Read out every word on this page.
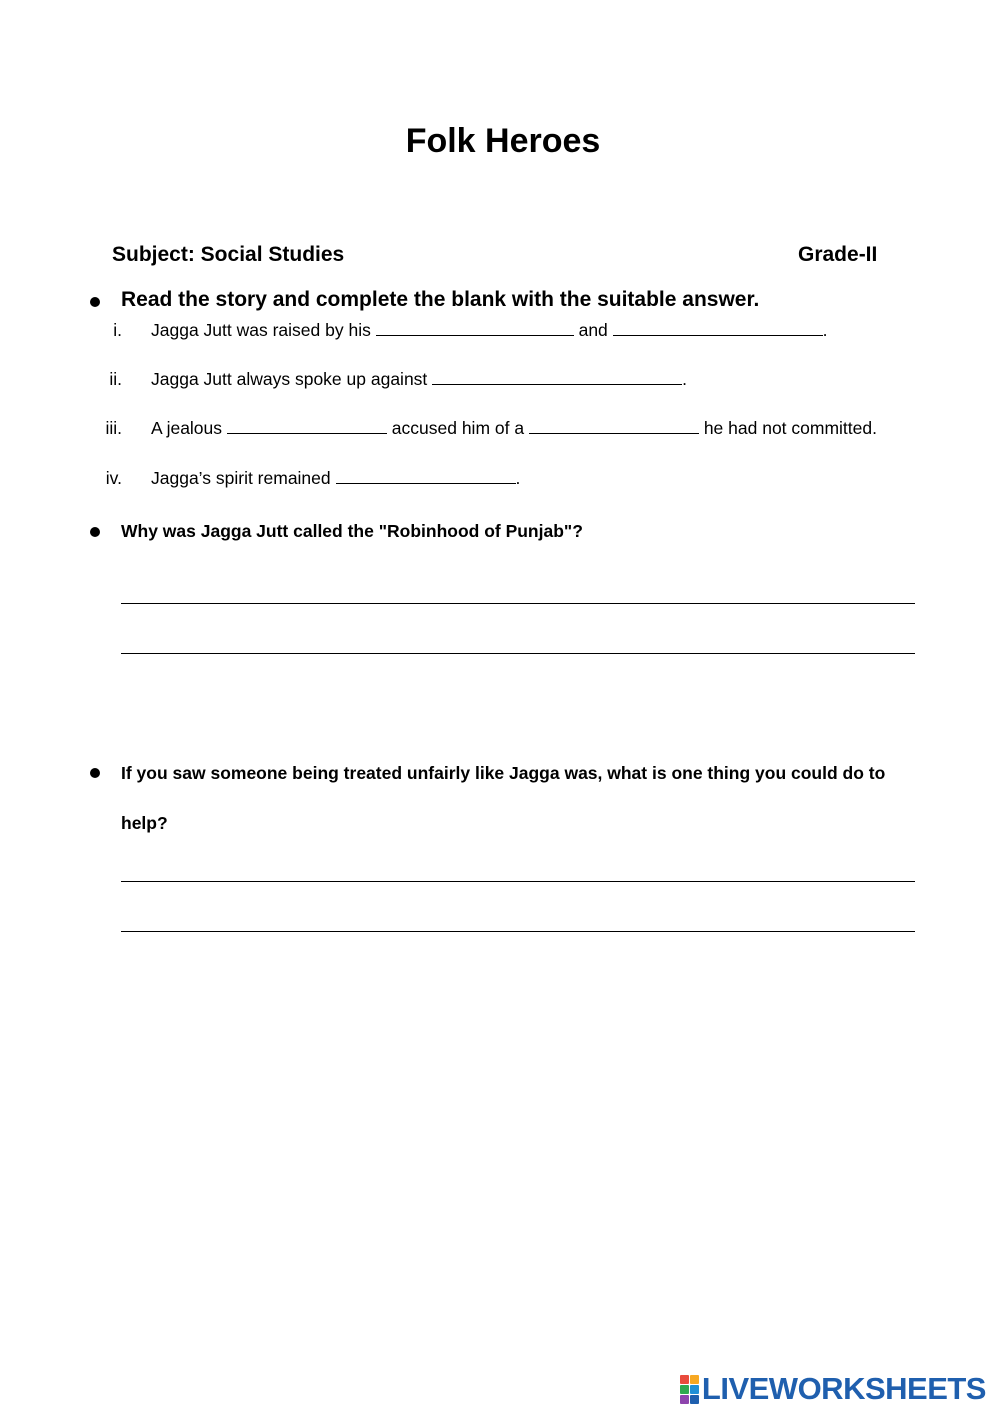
Folk Heroes
Subject: Social Studies	Grade-II
Read the story and complete the blank with the suitable answer.
i. Jagga Jutt was raised by his	and	.
ii. Jagga Jutt always spoke up against	.
iii. A jealous	accused him of a	he had not committed.
iv. Jagga’s spirit remained	.
Why was Jagga Jutt called the "Robinhood of Punjab"?
If you saw someone being treated unfairly like Jagga was, what is one thing you could do to
help?
LIVEWORKSHEETS
